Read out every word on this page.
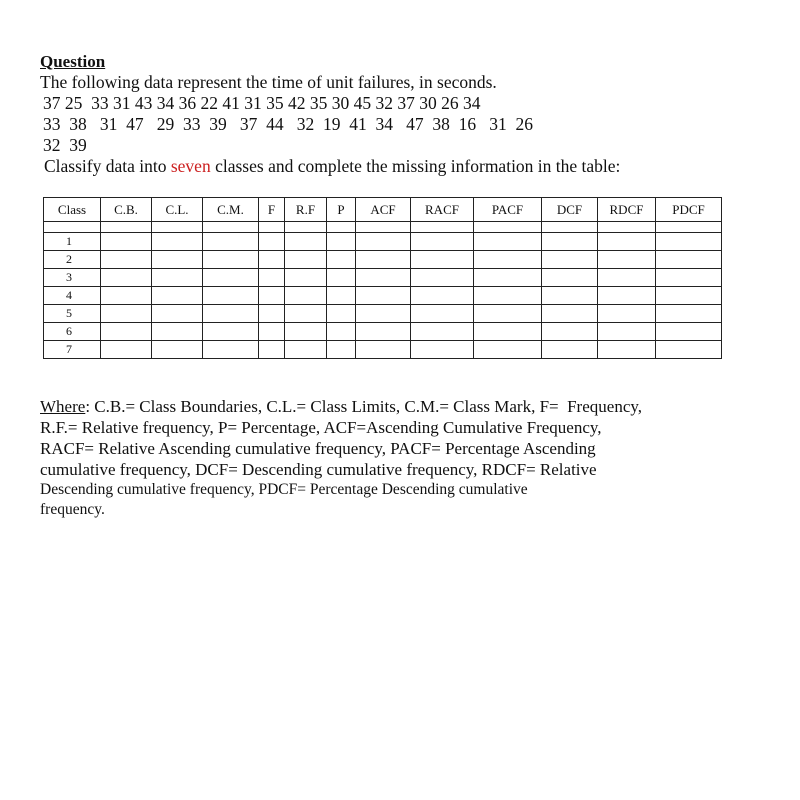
Question

The following data represent the time of unit failures, in seconds.

37 25  33 31 43 34 36 22 41 31 35 42 35 30 45 32 37 30 26 34

33  38   31  47   29  33  39   37  44   32  19  41  34   47  38  16   31  26

32  39

Classify data into seven classes and complete the missing information in the table:

Class	C.B.	C.L.	C.M.	F	R.F	P	ACF	RACF	PACF	DCF	RDCF	PDCF

1												
2												
3												
4												
5												
6												
7												

Where: C.B.= Class Boundaries, C.L.= Class Limits, C.M.= Class Mark, F=  Frequency,

R.F.= Relative frequency, P= Percentage, ACF=Ascending Cumulative Frequency,

RACF= Relative Ascending cumulative frequency, PACF= Percentage Ascending

cumulative frequency, DCF= Descending cumulative frequency, RDCF= Relative

Descending cumulative frequency, PDCF= Percentage Descending cumulative

frequency.
